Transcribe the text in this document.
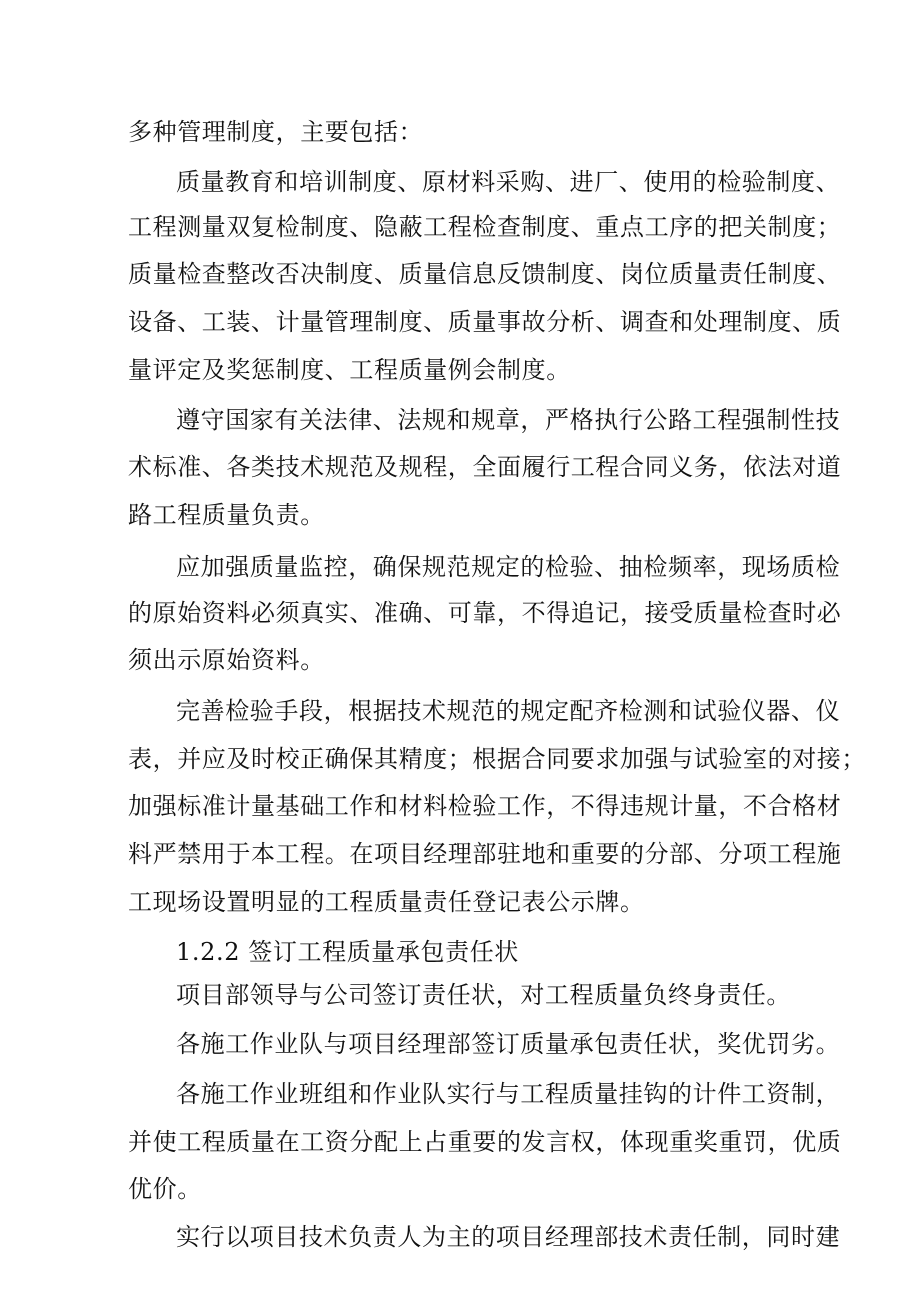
多种管理制度，主要包括：
质量教育和培训制度、原材料采购、进厂、使用的检验制度、
工程测量双复检制度、隐蔽工程检查制度、重点工序的把关制度；
质量检查整改否决制度、质量信息反馈制度、岗位质量责任制度、
设备、工装、计量管理制度、质量事故分析、调查和处理制度、质
量评定及奖惩制度、工程质量例会制度。
遵守国家有关法律、法规和规章，严格执行公路工程强制性技
术标准、各类技术规范及规程，全面履行工程合同义务，依法对道
路工程质量负责。
应加强质量监控，确保规范规定的检验、抽检频率，现场质检
的原始资料必须真实、准确、可靠，不得追记，接受质量检查时必
须出示原始资料。
完善检验手段，根据技术规范的规定配齐检测和试验仪器、仪
表，并应及时校正确保其精度；根据合同要求加强与试验室的对接；
加强标准计量基础工作和材料检验工作，不得违规计量，不合格材
料严禁用于本工程。在项目经理部驻地和重要的分部、分项工程施
工现场设置明显的工程质量责任登记表公示牌。
1.2.2 签订工程质量承包责任状
项目部领导与公司签订责任状，对工程质量负终身责任。
各施工作业队与项目经理部签订质量承包责任状，奖优罚劣。
各施工作业班组和作业队实行与工程质量挂钩的计件工资制，
并使工程质量在工资分配上占重要的发言权，体现重奖重罚，优质
优价。
实行以项目技术负责人为主的项目经理部技术责任制，同时建
